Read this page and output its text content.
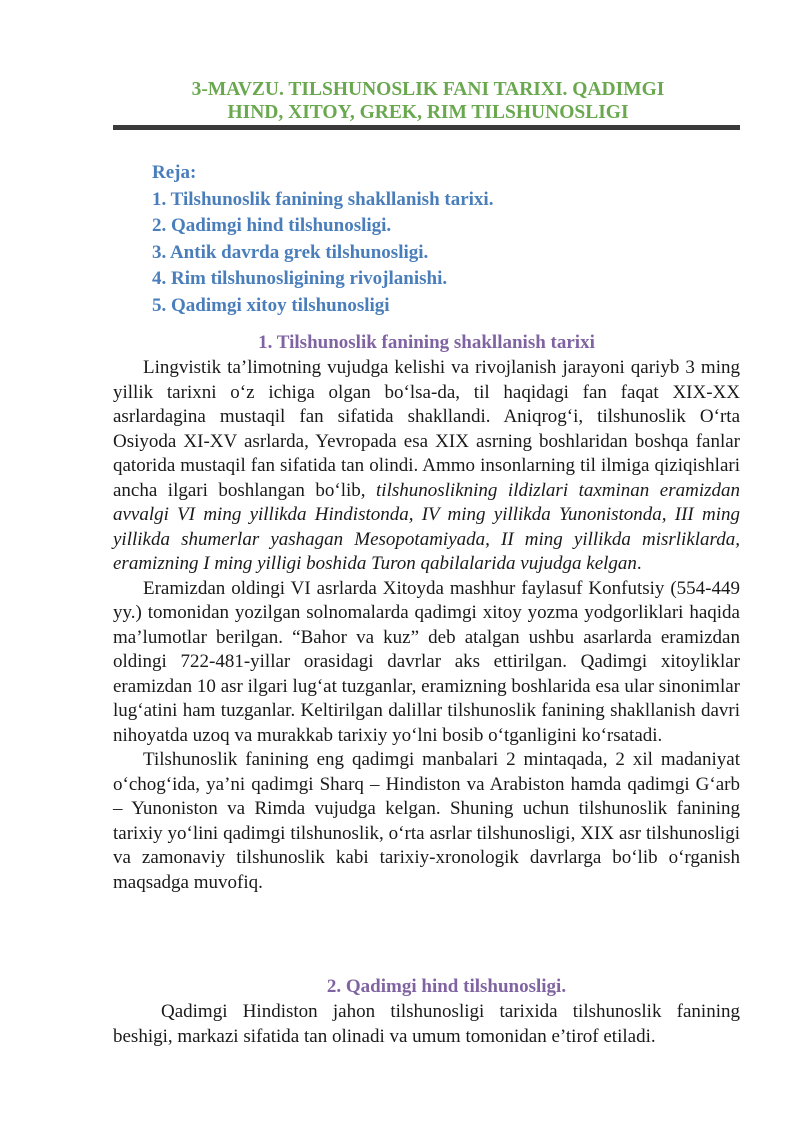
3-MAVZU. TILSHUNOSLIK FANI TARIXI. QADIMGI
HIND, XITOY, GREK, RIM TILSHUNOSLIGI
Reja:
1. Tilshunoslik fanining shakllanish tarixi.
2. Qadimgi hind tilshunosligi.
3. Antik davrda grek tilshunosligi.
4. Rim tilshunosligining rivojlanishi.
5. Qadimgi xitoy tilshunosligi
1. Tilshunoslik fanining shakllanish tarixi

Lingvistik ta’limotning vujudga kelishi va rivojlanish jarayoni qariyb 3 ming yillik tarixni o‘z ichiga olgan bo‘lsa-da, til haqidagi fan faqat XIX-XX asrlardagina mustaqil fan sifatida shakllandi. Aniqrog‘i, tilshunoslik O‘rta Osiyoda XI-XV asrlarda, Yevropada esa XIX asrning boshlaridan boshqa fanlar qatorida mustaqil fan sifatida tan olindi. Ammo insonlarning til ilmiga qiziqishlari ancha ilgari boshlangan bo‘lib, tilshunoslikning ildizlari taxminan eramizdan avvalgi VI ming yillikda Hindistonda, IV ming yillikda Yunonistonda, III ming yillikda shumerlar yashagan Mesopotamiyada, II ming yillikda misrliklarda, eramizning I ming yilligi boshida Turon qabilalarida vujudga kelgan.

Eramizdan oldingi VI asrlarda Xitoyda mashhur faylasuf Konfutsiy (554-449 yy.) tomonidan yozilgan solnomalarda qadimgi xitoy yozma yodgorliklari haqida ma’lumotlar berilgan. “Bahor va kuz” deb atalgan ushbu asarlarda eramizdan oldingi 722-481-yillar orasidagi davrlar aks ettirilgan. Qadimgi xitoyliklar eramizdan 10 asr ilgari lug‘at tuzganlar, eramizning boshlarida esa ular sinonimlar lug‘atini ham tuzganlar. Keltirilgan dalillar tilshunoslik fanining shakllanish davri nihoyatda uzoq va murakkab tarixiy yo‘lni bosib o‘tganligini ko‘rsatadi.

Tilshunoslik fanining eng qadimgi manbalari 2 mintaqada, 2 xil madaniyat o‘chog‘ida, ya’ni qadimgi Sharq – Hindiston va Arabiston hamda qadimgi G‘arb – Yunoniston va Rimda vujudga kelgan. Shuning uchun tilshunoslik fanining tarixiy yo‘lini qadimgi tilshunoslik, o‘rta asrlar tilshunosligi, XIX asr tilshunosligi va zamonaviy tilshunoslik kabi tarixiy-xronologik davrlarga bo‘lib o‘rganish maqsadga muvofiq.

2. Qadimgi hind tilshunosligi.

Qadimgi Hindiston jahon tilshunosligi tarixida tilshunoslik fanining beshigi, markazi sifatida tan olinadi va umum tomonidan e’tirof etiladi.
